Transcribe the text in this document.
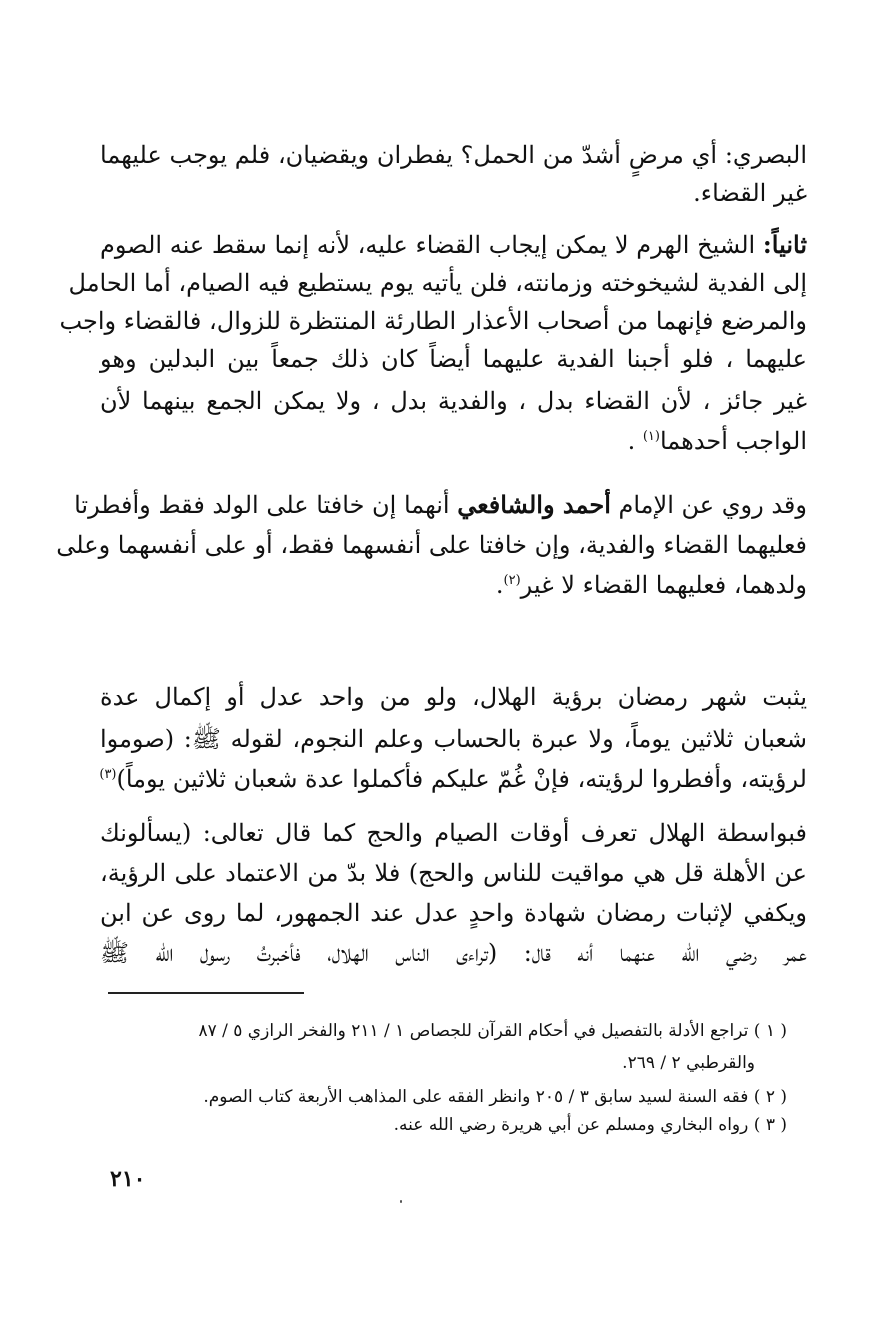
البصري: أي مرضٍ أشدّ من الحمل؟ يفطران ويقضيان، فلم يوجب عليهما
غير القضاء.
ثانياً: الشيخ الهرم لا يمكن إيجاب القضاء عليه، لأنه إنما سقط عنه الصوم
إلى الفدية لشيخوخته وزمانته، فلن يأتيه يوم يستطيع فيه الصيام، أما الحامل
والمرضع فإنهما من أصحاب الأعذار الطارئة المنتظرة للزوال، فالقضاء واجب
عليهما ، فلو أجبنا الفدية عليهما أيضاً كان ذلك جمعاً بين البدلين وهو
غير جائز ، لأن القضاء بدل ، والفدية بدل ، ولا يمكن الجمع بينهما لأن
الواجب أحدهما$^{(١)}$ .
وقد روي عن الإمام أحمد والشافعي أنهما إن خافتا على الولد فقط وأفطرتا
فعليهما القضاء والفدية، وإن خافتا على أنفسهما فقط، أو على أنفسهما وعلى
ولدهما، فعليهما القضاء لا غير$^{(٢)}$.
يثبت شهر رمضان برؤية الهلال، ولو من واحد عدل أو إكمال عدة
شعبان ثلاثين يوماً، ولا عبرة بالحساب وعلم النجوم، لقوله ﷺ: (صوموا
لرؤيته، وأفطروا لرؤيته، فإنْ غُمّ عليكم فأكملوا عدة شعبان ثلاثين يوماً)$^{(٣)}$
فبواسطة الهلال تعرف أوقات الصيام والحج كما قال تعالى: (يسألونك
عن الأهلة قل هي مواقيت للناس والحج) فلا بدّ من الاعتماد على الرؤية،
ويكفي لإثبات رمضان شهادة واحدٍ عدل عند الجمهور، لما روى عن ابن
عمر رضي الله عنهما أنه قال: (تراءى الناس الهلال، فأخبرتُ رسول الله ﷺ
( ١ ) تراجع الأدلة بالتفصيل في أحكام القرآن للجصاص ١ / ٢١١ والفخر الرازي ٥ / ٨٧
والقرطبي ٢ / ٢٦٩.
( ٢ ) فقه السنة لسيد سابق ٣ / ٢٠٥ وانظر الفقه على المذاهب الأربعة كتاب الصوم.
( ٣ ) رواه البخاري ومسلم عن أبي هريرة رضي الله عنه.
٢١٠
